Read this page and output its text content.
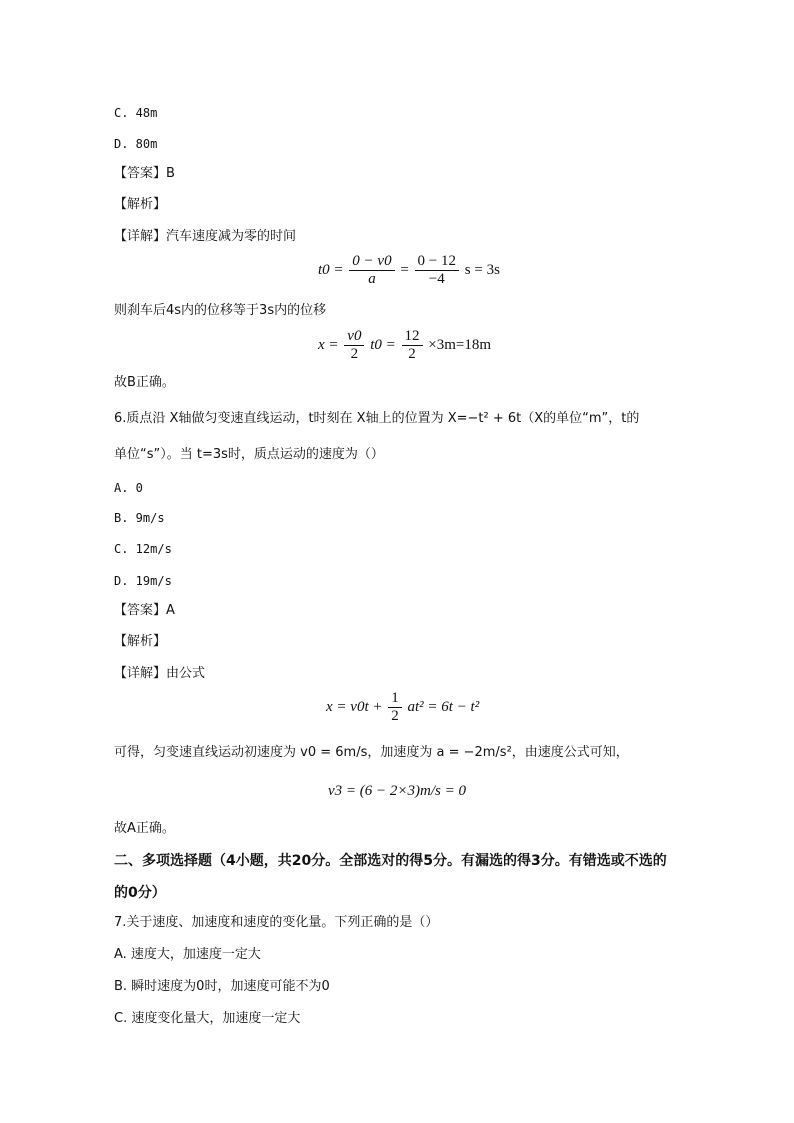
C. 48m
D. 80m
【答案】B
【解析】
【详解】汽车速度减为零的时间
$t0 = \frac{0 - v0}{a} = \frac{0 - 12}{-4}$ s = 3s
则刹车后4s内的位移等于3s内的位移
$x = \frac{v0}{2} t0 = \frac{12}{2} \times 3m=18m$
故B正确。
6.质点沿 X轴做匀变速直线运动，t时刻在 X轴上的位置为 X=−t² + 6t（X的单位“m”，t的
单位“s”）。当 t=3s时，质点运动的速度为（）
A. 0
B. 9m/s
C. 12m/s
D. 19m/s
【答案】A
【解析】
【详解】由公式
$x = v0t + \frac{1}{2} at^2 = 6t - t^2$
可得，匀变速直线运动初速度为 v0 = 6m/s，加速度为 a = −2m/s²，由速度公式可知，
v3 = (6 − 2×3)m/s = 0
故A正确。
二、多项选择题（4小题，共20分。全部选对的得5分。有漏选的得3分。有错选或不选的
的0分）
7.关于速度、加速度和速度的变化量。下列正确的是（）
A. 速度大，加速度一定大
B. 瞬时速度为0时，加速度可能不为0
C. 速度变化量大，加速度一定大
